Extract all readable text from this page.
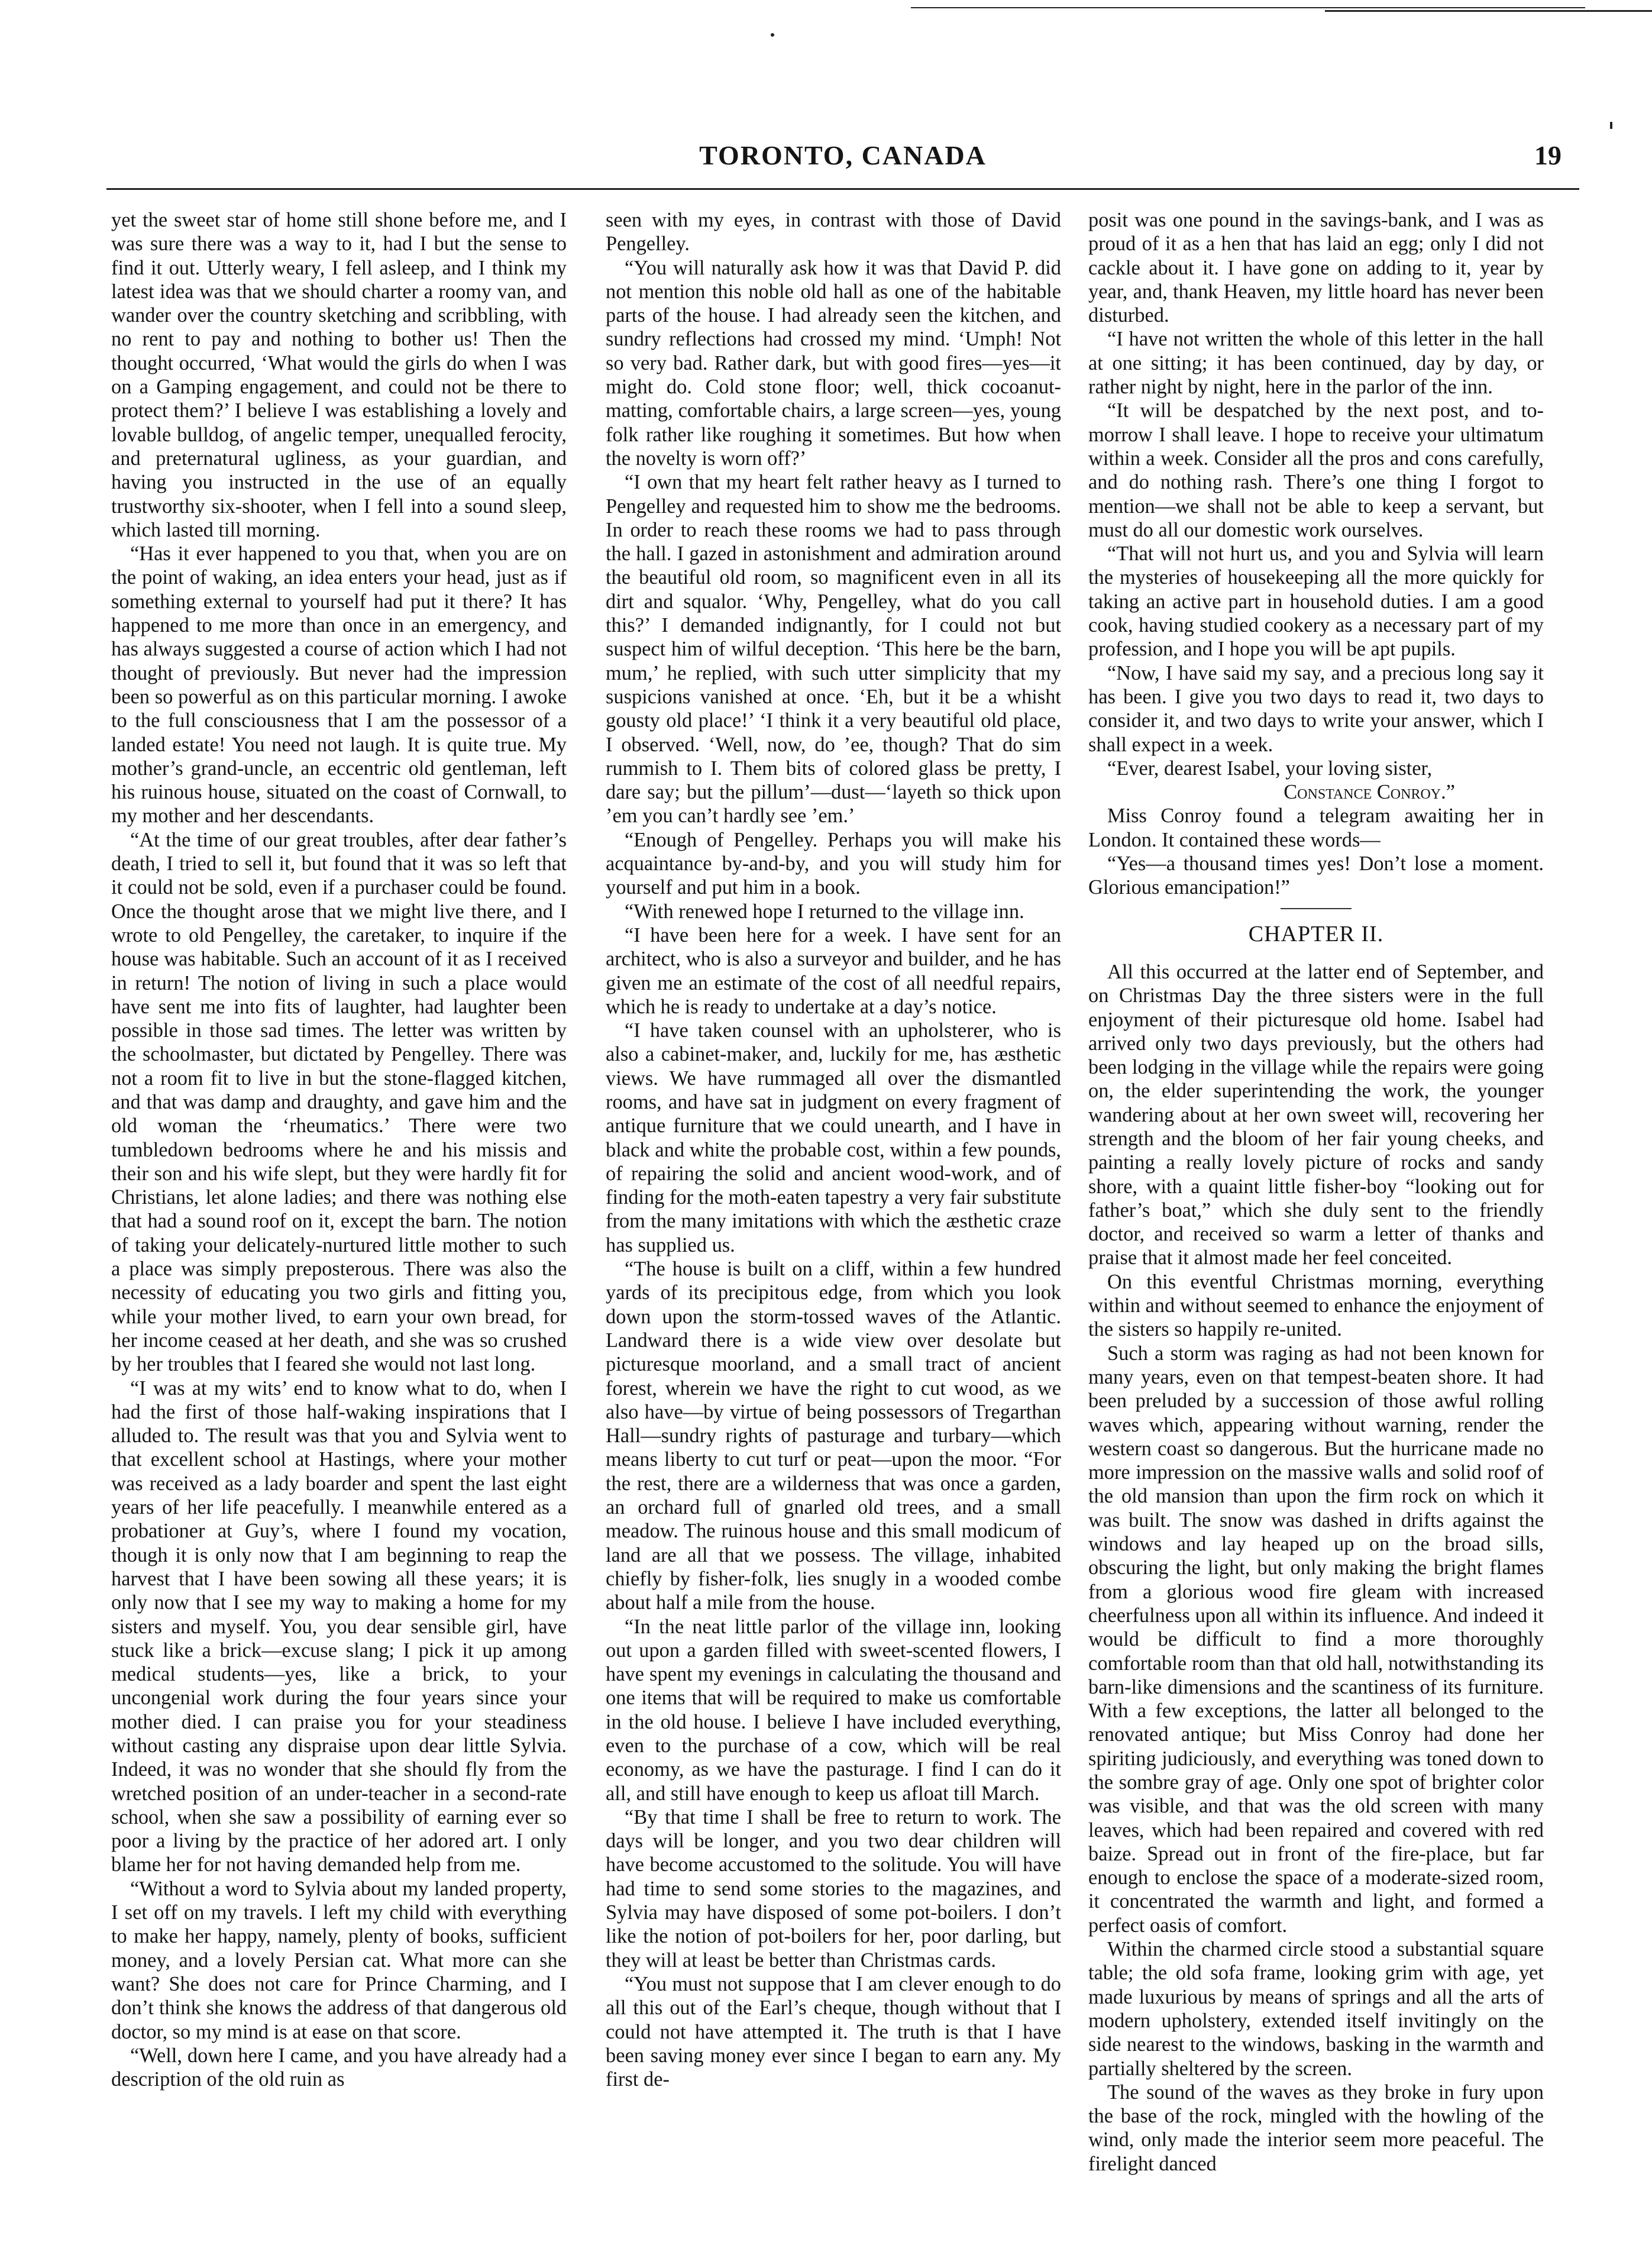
TORONTO, CANADA	19

yet the sweet star of home still shone before me, and I was sure there was a way to it, had I but the sense to find it out. Utterly weary, I fell asleep, and I think my latest idea was that we should charter a roomy van, and wander over the country sketching and scribbling, with no rent to pay and nothing to bother us! Then the thought occurred, ‘What would the girls do when I was on a Gamping engagement, and could not be there to protect them?’ I believe I was establishing a lovely and lovable bulldog, of angelic temper, unequalled ferocity, and preternatural ugliness, as your guardian, and having you instructed in the use of an equally trustworthy six-shooter, when I fell into a sound sleep, which lasted till morning.

“Has it ever happened to you that, when you are on the point of waking, an idea enters your head, just as if something external to yourself had put it there? It has happened to me more than once in an emergency, and has always suggested a course of action which I had not thought of previously. But never had the impression been so powerful as on this particular morning. I awoke to the full consciousness that I am the possessor of a landed estate! You need not laugh. It is quite true. My mother’s grand-uncle, an eccentric old gentleman, left his ruinous house, situated on the coast of Cornwall, to my mother and her descendants.

“At the time of our great troubles, after dear father’s death, I tried to sell it, but found that it was so left that it could not be sold, even if a purchaser could be found. Once the thought arose that we might live there, and I wrote to old Pengelley, the caretaker, to inquire if the house was habitable. Such an account of it as I received in return! The notion of living in such a place would have sent me into fits of laughter, had laughter been possible in those sad times. The letter was written by the schoolmaster, but dictated by Pengelley. There was not a room fit to live in but the stone-flagged kitchen, and that was damp and draughty, and gave him and the old woman the ‘rheumatics.’ There were two tumbledown bedrooms where he and his missis and their son and his wife slept, but they were hardly fit for Christians, let alone ladies; and there was nothing else that had a sound roof on it, except the barn. The notion of taking your delicately-nurtured little mother to such a place was simply preposterous. There was also the necessity of educating you two girls and fitting you, while your mother lived, to earn your own bread, for her income ceased at her death, and she was so crushed by her troubles that I feared she would not last long.

“I was at my wits’ end to know what to do, when I had the first of those half-waking inspirations that I alluded to. The result was that you and Sylvia went to that excellent school at Hastings, where your mother was received as a lady boarder and spent the last eight years of her life peacefully. I meanwhile entered as a probationer at Guy’s, where I found my vocation, though it is only now that I am beginning to reap the harvest that I have been sowing all these years; it is only now that I see my way to making a home for my sisters and myself. You, you dear sensible girl, have stuck like a brick—excuse slang; I pick it up among medical students—yes, like a brick, to your uncongenial work during the four years since your mother died. I can praise you for your steadiness without casting any dispraise upon dear little Sylvia. Indeed, it was no wonder that she should fly from the wretched position of an under-teacher in a second-rate school, when she saw a possibility of earning ever so poor a living by the practice of her adored art. I only blame her for not having demanded help from me.

“Without a word to Sylvia about my landed property, I set off on my travels. I left my child with everything to make her happy, namely, plenty of books, sufficient money, and a lovely Persian cat. What more can she want? She does not care for Prince Charming, and I don’t think she knows the address of that dangerous old doctor, so my mind is at ease on that score.

“Well, down here I came, and you have already had a description of the old ruin as

seen with my eyes, in contrast with those of David Pengelley.

“You will naturally ask how it was that David P. did not mention this noble old hall as one of the habitable parts of the house. I had already seen the kitchen, and sundry reflections had crossed my mind. ‘Umph! Not so very bad. Rather dark, but with good fires—yes—it might do. Cold stone floor; well, thick cocoanut-matting, comfortable chairs, a large screen—yes, young folk rather like roughing it sometimes. But how when the novelty is worn off?’

“I own that my heart felt rather heavy as I turned to Pengelley and requested him to show me the bedrooms. In order to reach these rooms we had to pass through the hall. I gazed in astonishment and admiration around the beautiful old room, so magnificent even in all its dirt and squalor. ‘Why, Pengelley, what do you call this?’ I demanded indignantly, for I could not but suspect him of wilful deception. ‘This here be the barn, mum,’ he replied, with such utter simplicity that my suspicions vanished at once. ‘Eh, but it be a whisht gousty old place!’ ‘I think it a very beautiful old place, I observed. ‘Well, now, do ’ee, though? That do sim rummish to I. Them bits of colored glass be pretty, I dare say; but the pillum’—dust—‘layeth so thick upon ’em you can’t hardly see ’em.’

“Enough of Pengelley. Perhaps you will make his acquaintance by-and-by, and you will study him for yourself and put him in a book.

“With renewed hope I returned to the village inn.

“I have been here for a week. I have sent for an architect, who is also a surveyor and builder, and he has given me an estimate of the cost of all needful repairs, which he is ready to undertake at a day’s notice.

“I have taken counsel with an upholsterer, who is also a cabinet-maker, and, luckily for me, has æsthetic views. We have rummaged all over the dismantled rooms, and have sat in judgment on every fragment of antique furniture that we could unearth, and I have in black and white the probable cost, within a few pounds, of repairing the solid and ancient wood-work, and of finding for the moth-eaten tapestry a very fair substitute from the many imitations with which the æsthetic craze has supplied us.

“The house is built on a cliff, within a few hundred yards of its precipitous edge, from which you look down upon the storm-tossed waves of the Atlantic. Landward there is a wide view over desolate but picturesque moorland, and a small tract of ancient forest, wherein we have the right to cut wood, as we also have—by virtue of being possessors of Tregarthan Hall—sundry rights of pasturage and turbary—which means liberty to cut turf or peat—upon the moor. “For the rest, there are a wilderness that was once a garden, an orchard full of gnarled old trees, and a small meadow. The ruinous house and this small modicum of land are all that we possess. The village, inhabited chiefly by fisher-folk, lies snugly in a wooded combe about half a mile from the house.

“In the neat little parlor of the village inn, looking out upon a garden filled with sweet-scented flowers, I have spent my evenings in calculating the thousand and one items that will be required to make us comfortable in the old house. I believe I have included everything, even to the purchase of a cow, which will be real economy, as we have the pasturage. I find I can do it all, and still have enough to keep us afloat till March.

“By that time I shall be free to return to work. The days will be longer, and you two dear children will have become accustomed to the solitude. You will have had time to send some stories to the magazines, and Sylvia may have disposed of some pot-boilers. I don’t like the notion of pot-boilers for her, poor darling, but they will at least be better than Christmas cards.

“You must not suppose that I am clever enough to do all this out of the Earl’s cheque, though without that I could not have attempted it. The truth is that I have been saving money ever since I began to earn any. My first de-

posit was one pound in the savings-bank, and I was as proud of it as a hen that has laid an egg; only I did not cackle about it. I have gone on adding to it, year by year, and, thank Heaven, my little hoard has never been disturbed.

“I have not written the whole of this letter in the hall at one sitting; it has been continued, day by day, or rather night by night, here in the parlor of the inn.

“It will be despatched by the next post, and to-morrow I shall leave. I hope to receive your ultimatum within a week. Consider all the pros and cons carefully, and do nothing rash. There’s one thing I forgot to mention—we shall not be able to keep a servant, but must do all our domestic work ourselves.

“That will not hurt us, and you and Sylvia will learn the mysteries of housekeeping all the more quickly for taking an active part in household duties. I am a good cook, having studied cookery as a necessary part of my profession, and I hope you will be apt pupils.

“Now, I have said my say, and a precious long say it has been. I give you two days to read it, two days to consider it, and two days to write your answer, which I shall expect in a week.

“Ever, dearest Isabel, your loving sister,

Constance Conroy.”

Miss Conroy found a telegram awaiting her in London. It contained these words—

“Yes—a thousand times yes! Don’t lose a moment. Glorious emancipation!”

CHAPTER II.

All this occurred at the latter end of September, and on Christmas Day the three sisters were in the full enjoyment of their picturesque old home. Isabel had arrived only two days previously, but the others had been lodging in the village while the repairs were going on, the elder superintending the work, the younger wandering about at her own sweet will, recovering her strength and the bloom of her fair young cheeks, and painting a really lovely picture of rocks and sandy shore, with a quaint little fisher-boy “looking out for father’s boat,” which she duly sent to the friendly doctor, and received so warm a letter of thanks and praise that it almost made her feel conceited.

On this eventful Christmas morning, everything within and without seemed to enhance the enjoyment of the sisters so happily re-united.

Such a storm was raging as had not been known for many years, even on that tempest-beaten shore. It had been preluded by a succession of those awful rolling waves which, appearing without warning, render the western coast so dangerous. But the hurricane made no more impression on the massive walls and solid roof of the old mansion than upon the firm rock on which it was built. The snow was dashed in drifts against the windows and lay heaped up on the broad sills, obscuring the light, but only making the bright flames from a glorious wood fire gleam with increased cheerfulness upon all within its influence. And indeed it would be difficult to find a more thoroughly comfortable room than that old hall, notwithstanding its barn-like dimensions and the scantiness of its furniture. With a few exceptions, the latter all belonged to the renovated antique; but Miss Conroy had done her spiriting judiciously, and everything was toned down to the sombre gray of age. Only one spot of brighter color was visible, and that was the old screen with many leaves, which had been repaired and covered with red baize. Spread out in front of the fire-place, but far enough to enclose the space of a moderate-sized room, it concentrated the warmth and light, and formed a perfect oasis of comfort.

Within the charmed circle stood a substantial square table; the old sofa frame, looking grim with age, yet made luxurious by means of springs and all the arts of modern upholstery, extended itself invitingly on the side nearest to the windows, basking in the warmth and partially sheltered by the screen.

The sound of the waves as they broke in fury upon the base of the rock, mingled with the howling of the wind, only made the interior seem more peaceful. The firelight danced
